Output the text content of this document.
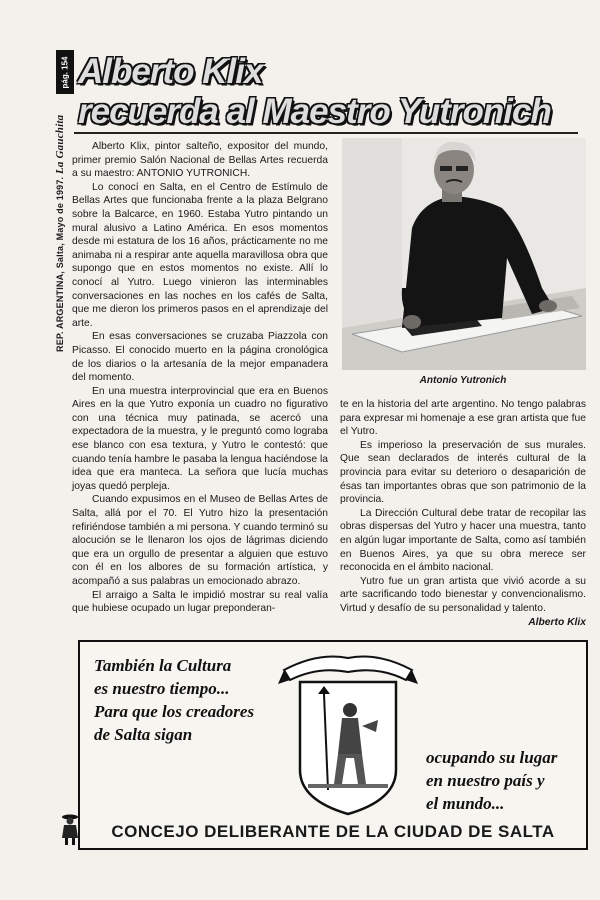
pág. 154
REP. ARGENTINA, Salta, Mayo de 1997. La Gauchita
Alberto Klix
recuerda al Maestro Yutronich

Alberto Klix, pintor salteño, expositor del mundo, primer premio Salón Nacional de Bellas Artes recuerda a su maestro: ANTONIO YUTRONICH.

Lo conocí en Salta, en el Centro de Estímulo de Bellas Artes que funcionaba frente a la plaza Belgrano sobre la Balcarce, en 1960. Estaba Yutro pintando un mural alusivo a Latino América. En esos momentos desde mi estatura de los 16 años, prácticamente no me animaba ni a respirar ante aquella maravillosa obra que supongo que en estos momentos no existe. Allí lo conocí al Yutro. Luego vinieron las interminables conversaciones en las noches en los cafés de Salta, que me dieron los primeros pasos en el aprendizaje del arte.

En esas conversaciones se cruzaba Piazzola con Picasso. El conocido muerto en la página cronológica de los diarios o la artesanía de la mejor empanadera del momento.

En una muestra interprovincial que era en Buenos Aires en la que Yutro exponía un cuadro no figurativo con una técnica muy patinada, se acercó una expectadora de la muestra, y le preguntó como lograba ese blanco con esa textura, y Yutro le contestó: que cuando tenía hambre le pasaba la lengua haciéndose la idea que era manteca. La señora que lucía muchas joyas quedó perpleja.

Cuando expusimos en el Museo de Bellas Artes de Salta, allá por el 70. El Yutro hizo la presentación refiriéndose también a mi persona. Y cuando terminó su alocución se le llenaron los ojos de lágrimas diciendo que era un orgullo de presentar a alguien que estuvo con él en los albores de su formación artística, y acompañó a sus palabras un emocionado abrazo.

El arraigo a Salta le impidió mostrar su real valía que hubiese ocupado un lugar preponderan-

Antonio Yutronich

te en la historia del arte argentino. No tengo palabras para expresar mi homenaje a ese gran artista que fue el Yutro.

Es imperioso la preservación de sus murales. Que sean declarados de interés cultural de la provincia para evitar su deterioro o desaparición de ésas tan importantes obras que son patrimonio de la provincia.

La Dirección Cultural debe tratar de recopilar las obras dispersas del Yutro y hacer una muestra, tanto en algún lugar importante de Salta, como así también en Buenos Aires, ya que su obra merece ser reconocida en el ámbito nacional.

Yutro fue un gran artista que vivió acorde a su arte sacrificando todo bienestar y convencionalismo. Virtud y desafío de su personalidad y talento.

Alberto Klix

También la Cultura
es nuestro tiempo...
Para que los creadores
de Salta sigan
ocupando su lugar
en nuestro país y
el mundo...
CONCEJO DELIBERANTE DE LA CIUDAD DE SALTA
